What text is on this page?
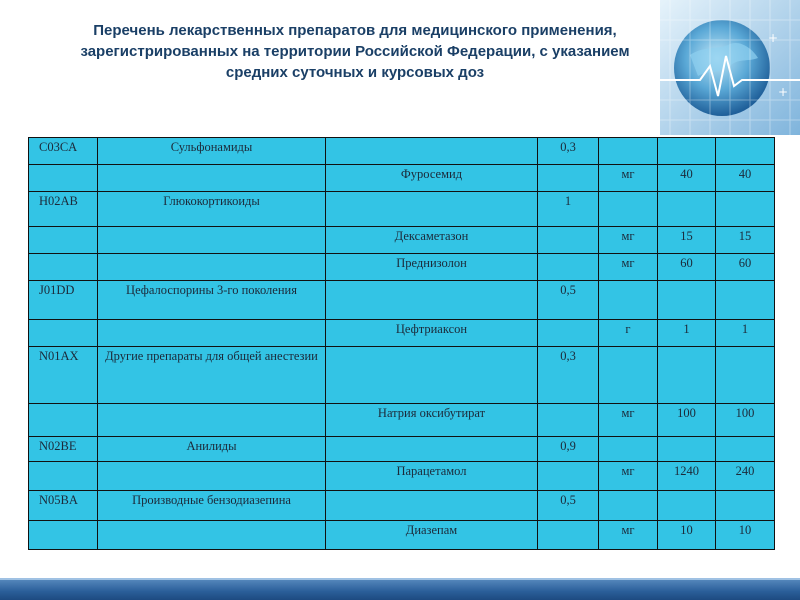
+
+
Перечень лекарственных препаратов для медицинского применения,
зарегистрированных на территории Российской Федерации, с указанием
средних суточных и курсовых доз
C03CA	Сульфонамиды		0,3			
		Фуросемид		мг	40	40
H02AB	Глюкокортикоиды		1			
		Дексаметазон		мг	15	15
		Преднизолон		мг	60	60
J01DD	Цефалоспорины 3-го поколения		0,5			
		Цефтриаксон		г	1	1
N01AX	Другие препараты для общей анестезии		0,3			
		Натрия оксибутират		мг	100	100
N02BE	Анилиды		0,9			
		Парацетамол		мг	1240	240
N05BA	Производные бензодиазепина		0,5			
		Диазепам		мг	10	10
